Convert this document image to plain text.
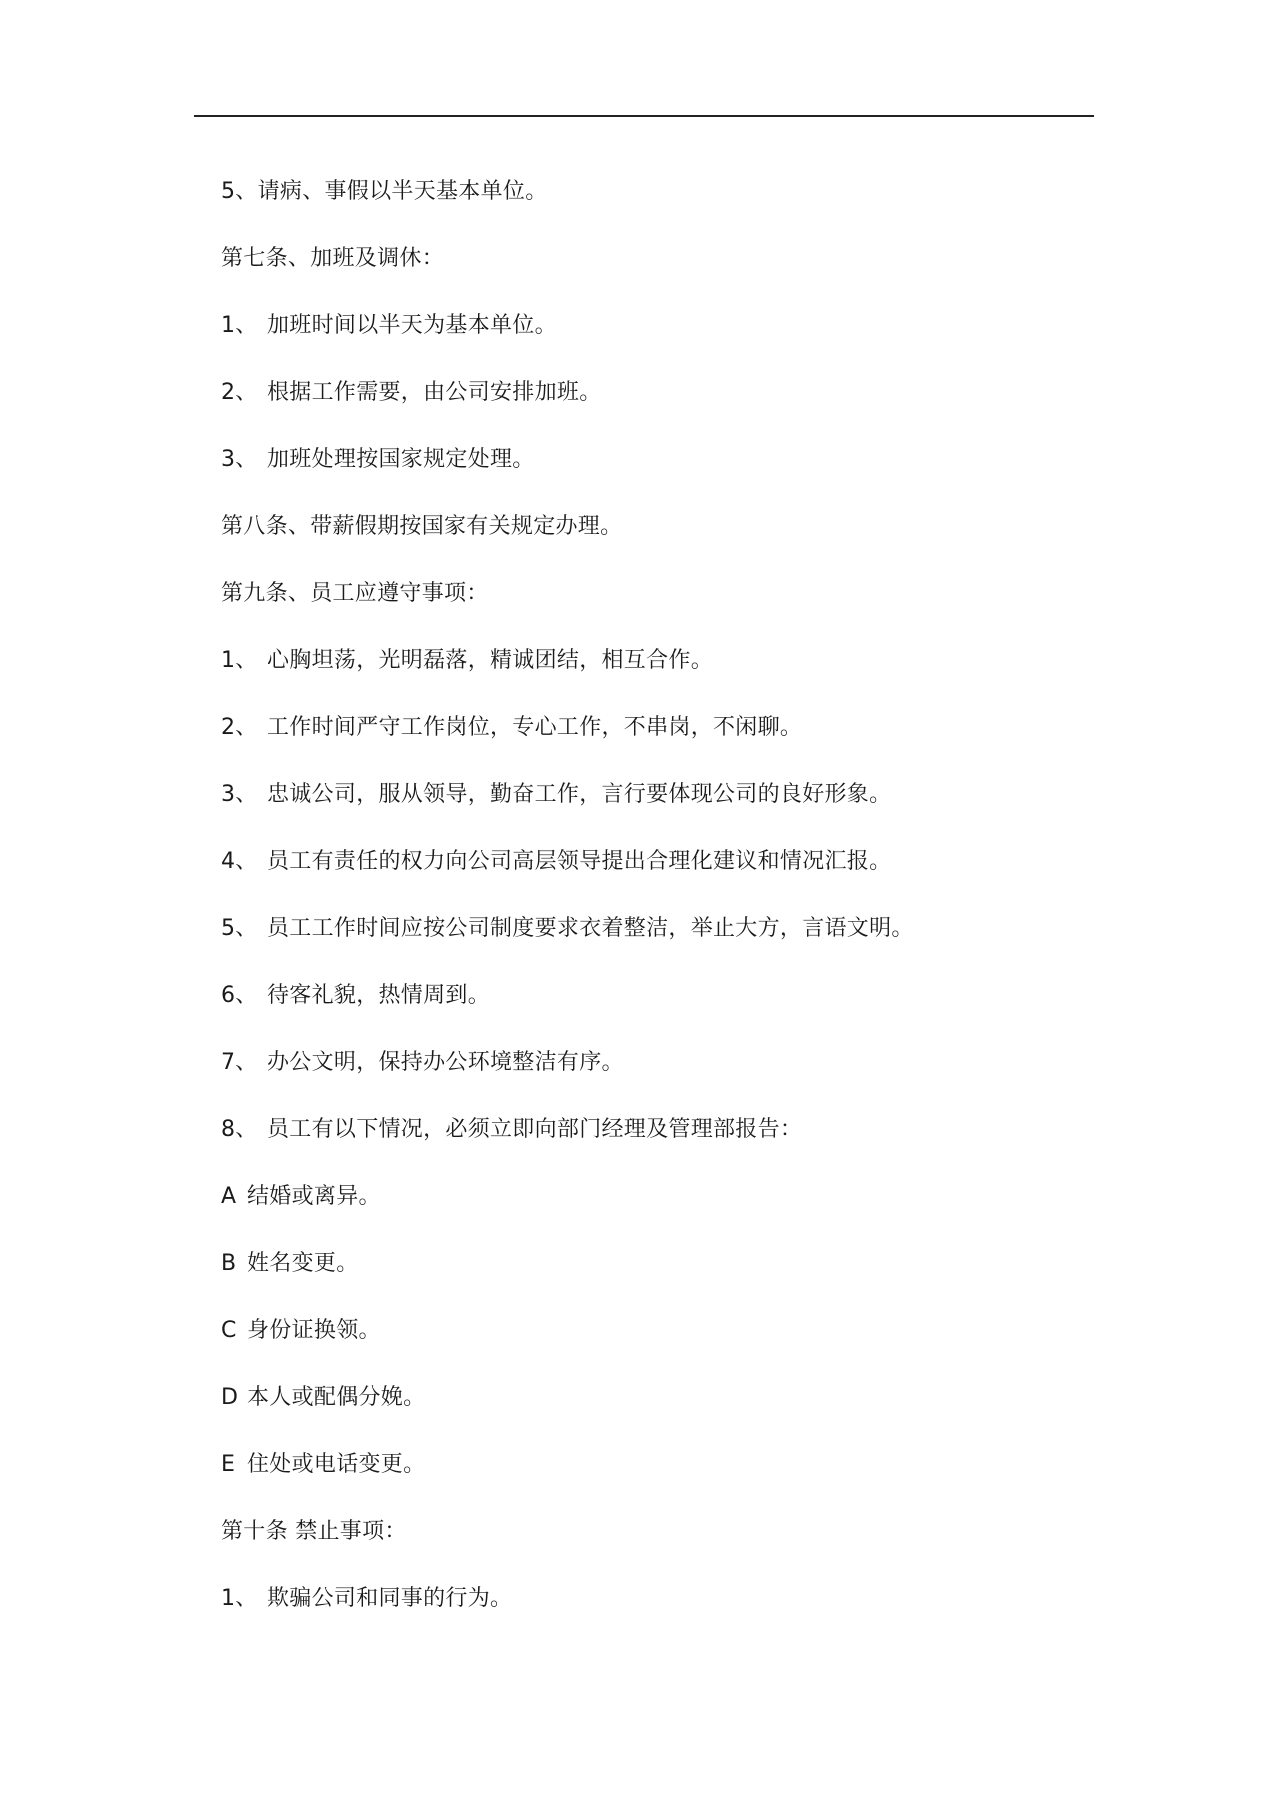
5、请病、事假以半天基本单位。
第七条、加班及调休：
1、 加班时间以半天为基本单位。
2、 根据工作需要，由公司安排加班。
3、 加班处理按国家规定处理。
第八条、带薪假期按国家有关规定办理。
第九条、员工应遵守事项：
1、 心胸坦荡，光明磊落，精诚团结，相互合作。
2、 工作时间严守工作岗位，专心工作，不串岗，不闲聊。
3、 忠诚公司，服从领导，勤奋工作，言行要体现公司的良好形象。
4、 员工有责任的权力向公司高层领导提出合理化建议和情况汇报。
5、 员工工作时间应按公司制度要求衣着整洁，举止大方，言语文明。
6、 待客礼貌，热情周到。
7、 办公文明，保持办公环境整洁有序。
8、 员工有以下情况，必须立即向部门经理及管理部报告：
A 结婚或离异。
B 姓名变更。
C 身份证换领。
D 本人或配偶分娩。
E 住处或电话变更。
第十条 禁止事项：
1、 欺骗公司和同事的行为。
